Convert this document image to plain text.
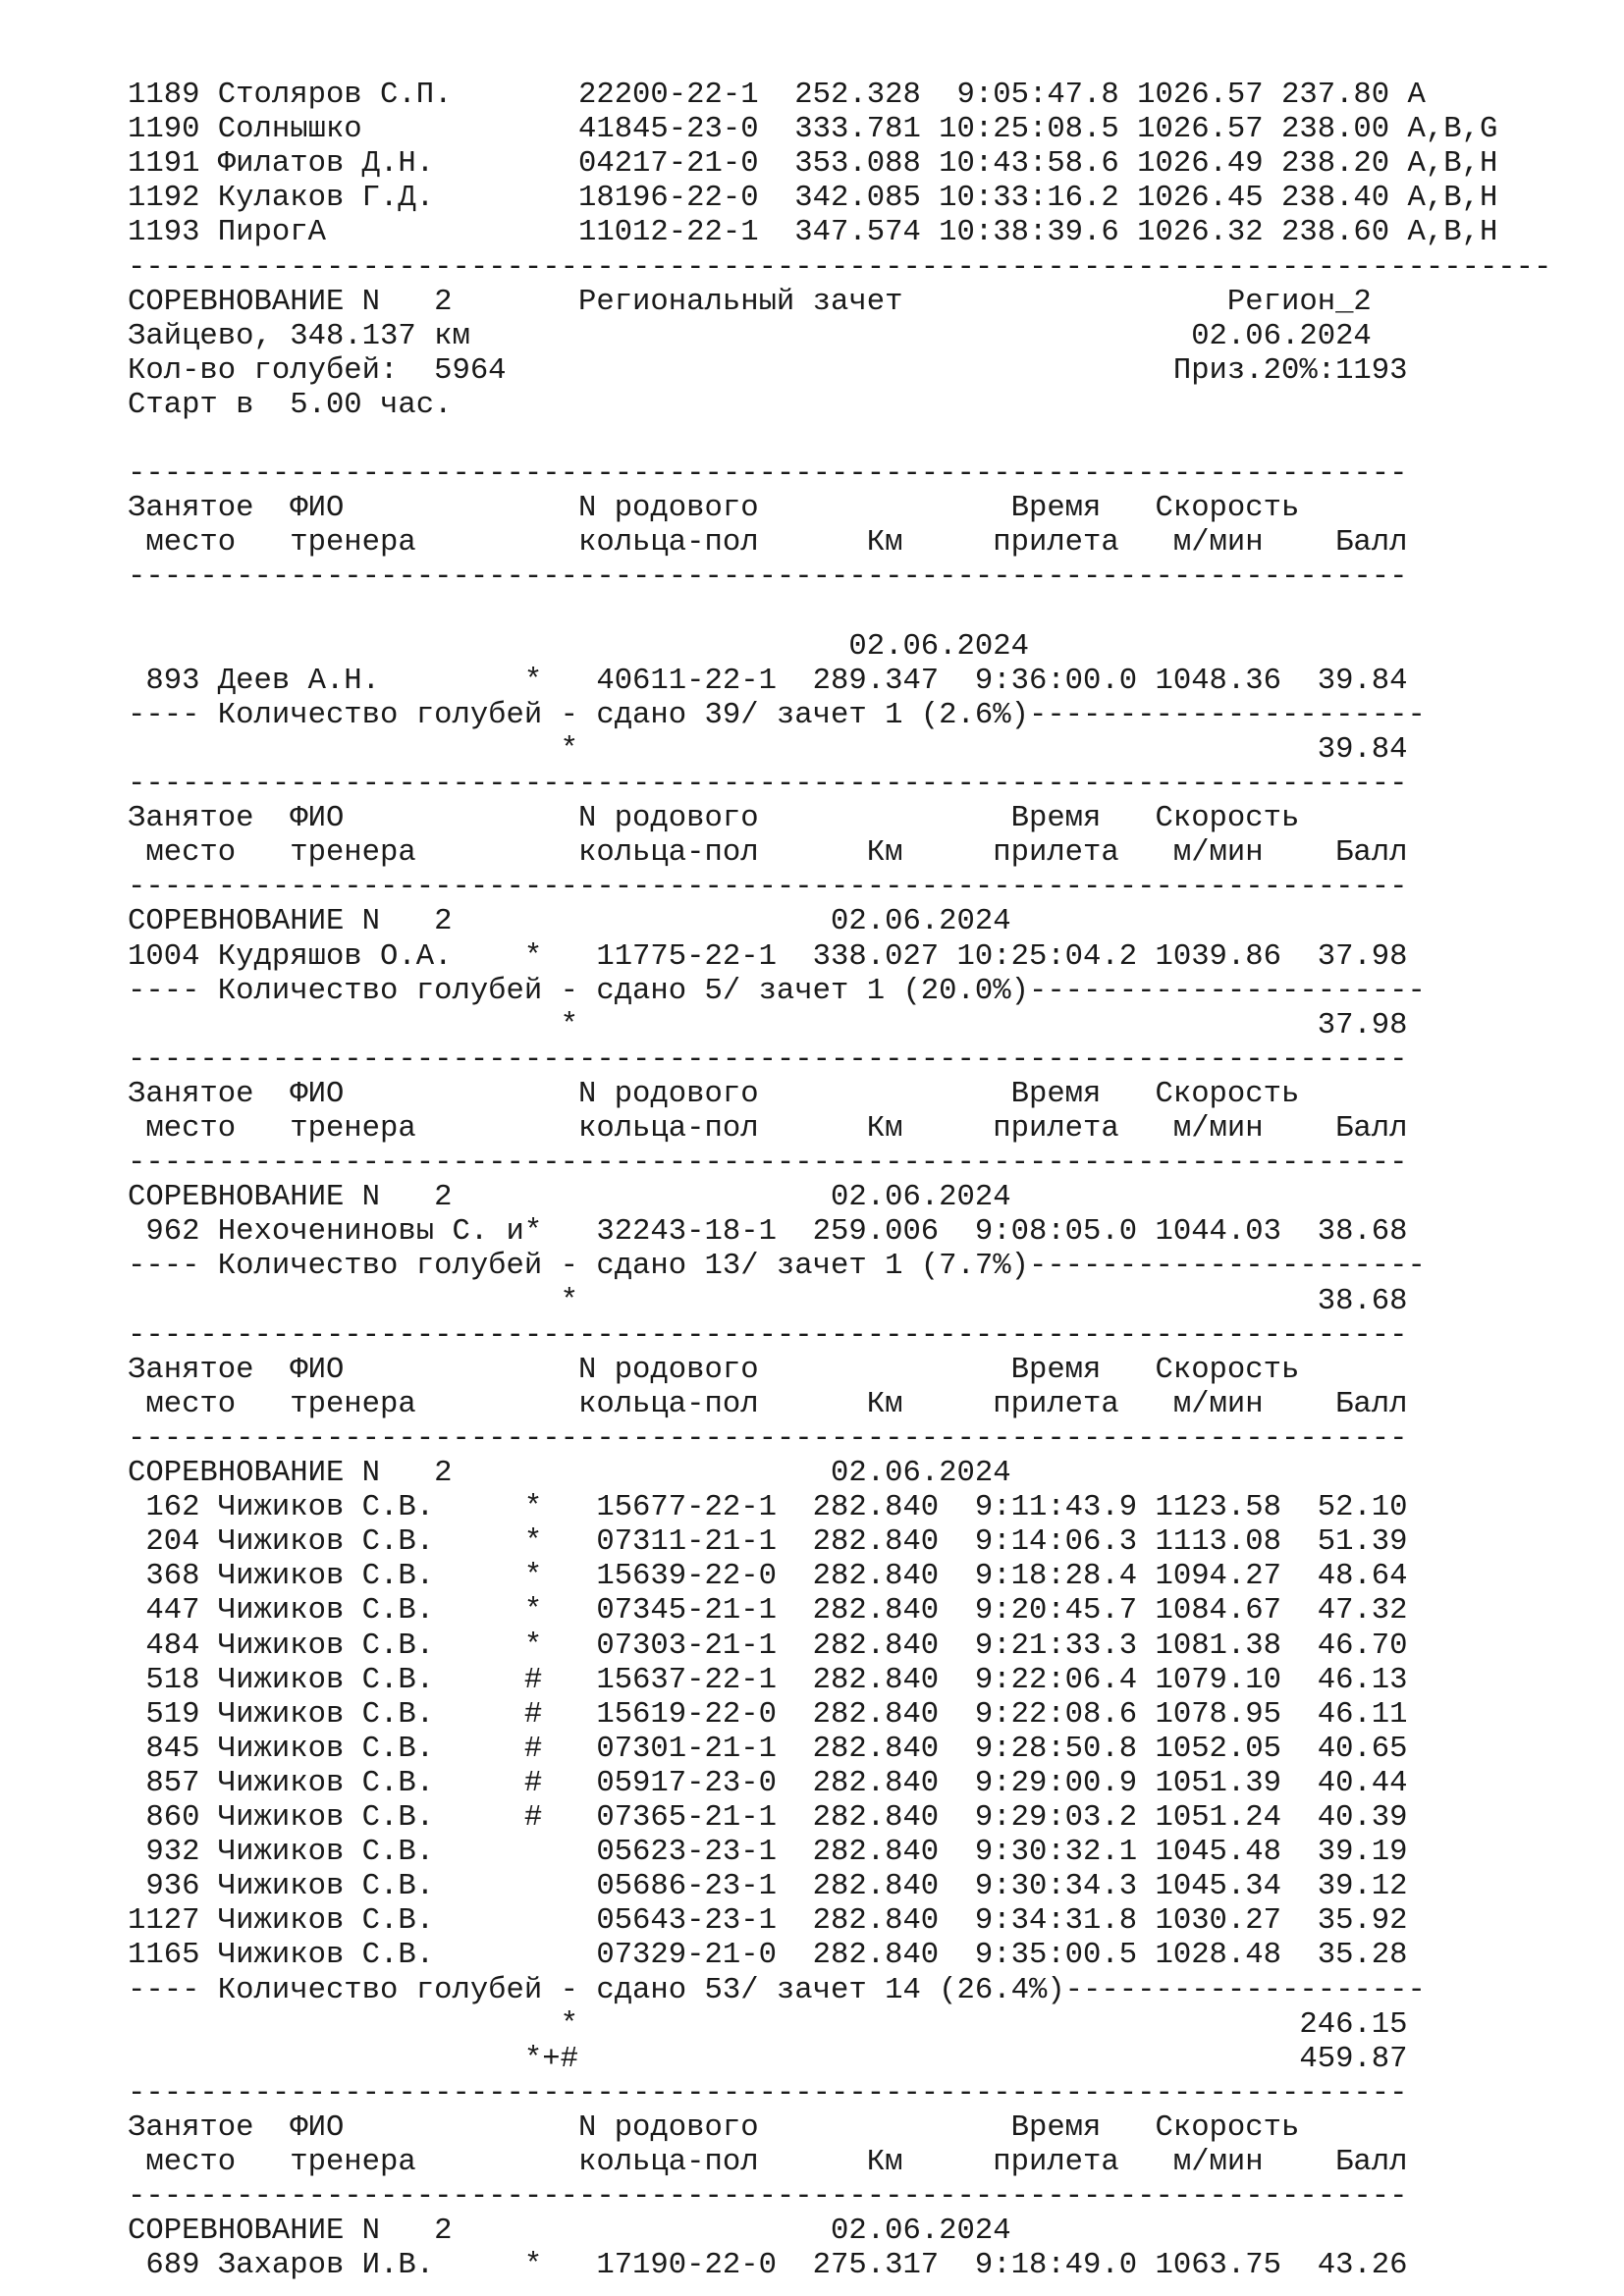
1189 Столяров С.П.       22200-22-1  252.328  9:05:47.8 1026.57 237.80 A
1190 Солнышко            41845-23-0  333.781 10:25:08.5 1026.57 238.00 A,B,G
1191 Филатов Д.Н.        04217-21-0  353.088 10:43:58.6 1026.49 238.20 A,B,H
1192 Кулаков Г.Д.        18196-22-0  342.085 10:33:16.2 1026.45 238.40 A,B,H
1193 ПирогА              11012-22-1  347.574 10:38:39.6 1026.32 238.60 A,B,H
-------------------------------------------------------------------------------
СОРЕВНОВАНИЕ N   2       Региональный зачет                  Регион_2
Зайцево, 348.137 км                                        02.06.2024
Кол-во голубей:  5964                                     Приз.20%:1193
Старт в  5.00 час.
-----------------------------------------------------------------------
Занятое  ФИО             N родового              Время   Скорость
место   тренера         кольца-пол      Км     прилета   м/мин    Балл
-----------------------------------------------------------------------
02.06.2024
893 Деев А.Н.        *   40611-22-1  289.347  9:36:00.0 1048.36  39.84
---- Количество голубей - сдано 39/ зачет 1 (2.6%)----------------------
*                                         39.84
-----------------------------------------------------------------------
Занятое  ФИО             N родового              Время   Скорость
место   тренера         кольца-пол      Км     прилета   м/мин    Балл
-----------------------------------------------------------------------
СОРЕВНОВАНИЕ N   2                     02.06.2024
1004 Кудряшов О.А.    *   11775-22-1  338.027 10:25:04.2 1039.86  37.98
---- Количество голубей - сдано 5/ зачет 1 (20.0%)----------------------
*                                         37.98
-----------------------------------------------------------------------
Занятое  ФИО             N родового              Время   Скорость
место   тренера         кольца-пол      Км     прилета   м/мин    Балл
-----------------------------------------------------------------------
СОРЕВНОВАНИЕ N   2                     02.06.2024
962 Нехочениновы С. и*   32243-18-1  259.006  9:08:05.0 1044.03  38.68
---- Количество голубей - сдано 13/ зачет 1 (7.7%)----------------------
*                                         38.68
-----------------------------------------------------------------------
Занятое  ФИО             N родового              Время   Скорость
место   тренера         кольца-пол      Км     прилета   м/мин    Балл
-----------------------------------------------------------------------
СОРЕВНОВАНИЕ N   2                     02.06.2024
162 Чижиков С.В.     *   15677-22-1  282.840  9:11:43.9 1123.58  52.10
204 Чижиков С.В.     *   07311-21-1  282.840  9:14:06.3 1113.08  51.39
368 Чижиков С.В.     *   15639-22-0  282.840  9:18:28.4 1094.27  48.64
447 Чижиков С.В.     *   07345-21-1  282.840  9:20:45.7 1084.67  47.32
484 Чижиков С.В.     *   07303-21-1  282.840  9:21:33.3 1081.38  46.70
518 Чижиков С.В.     #   15637-22-1  282.840  9:22:06.4 1079.10  46.13
519 Чижиков С.В.     #   15619-22-0  282.840  9:22:08.6 1078.95  46.11
845 Чижиков С.В.     #   07301-21-1  282.840  9:28:50.8 1052.05  40.65
857 Чижиков С.В.     #   05917-23-0  282.840  9:29:00.9 1051.39  40.44
860 Чижиков С.В.     #   07365-21-1  282.840  9:29:03.2 1051.24  40.39
932 Чижиков С.В.         05623-23-1  282.840  9:30:32.1 1045.48  39.19
936 Чижиков С.В.         05686-23-1  282.840  9:30:34.3 1045.34  39.12
1127 Чижиков С.В.         05643-23-1  282.840  9:34:31.8 1030.27  35.92
1165 Чижиков С.В.         07329-21-0  282.840  9:35:00.5 1028.48  35.28
---- Количество голубей - сдано 53/ зачет 14 (26.4%)--------------------
*                                        246.15
*+#                                        459.87
-----------------------------------------------------------------------
Занятое  ФИО             N родового              Время   Скорость
место   тренера         кольца-пол      Км     прилета   м/мин    Балл
-----------------------------------------------------------------------
СОРЕВНОВАНИЕ N   2                     02.06.2024
689 Захаров И.В.     *   17190-22-0  275.317  9:18:49.0 1063.75  43.26
